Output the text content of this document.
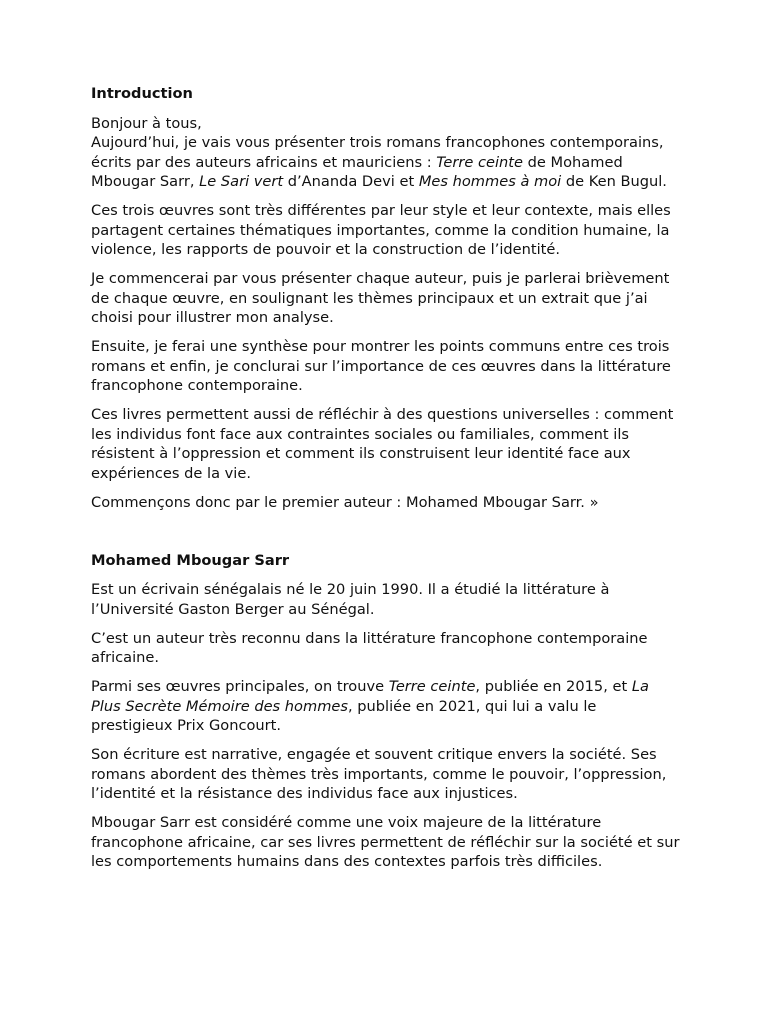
Introduction

Bonjour à tous,
Aujourd’hui, je vais vous présenter trois romans francophones contemporains, écrits par des auteurs africains et mauriciens : Terre ceinte de Mohamed Mbougar Sarr, Le Sari vert d’Ananda Devi et Mes hommes à moi de Ken Bugul.

Ces trois œuvres sont très différentes par leur style et leur contexte, mais elles partagent certaines thématiques importantes, comme la condition humaine, la violence, les rapports de pouvoir et la construction de l’identité.

Je commencerai par vous présenter chaque auteur, puis je parlerai brièvement de chaque œuvre, en soulignant les thèmes principaux et un extrait que j’ai choisi pour illustrer mon analyse.

Ensuite, je ferai une synthèse pour montrer les points communs entre ces trois romans et enfin, je conclurai sur l’importance de ces œuvres dans la littérature francophone contemporaine.

Ces livres permettent aussi de réfléchir à des questions universelles : comment les individus font face aux contraintes sociales ou familiales, comment ils résistent à l’oppression et comment ils construisent leur identité face aux expériences de la vie.

Commençons donc par le premier auteur : Mohamed Mbougar Sarr. »

Mohamed Mbougar Sarr

Est un écrivain sénégalais né le 20 juin 1990. Il a étudié la littérature à l’Université Gaston Berger au Sénégal.

C’est un auteur très reconnu dans la littérature francophone contemporaine africaine.

Parmi ses œuvres principales, on trouve Terre ceinte, publiée en 2015, et La Plus Secrète Mémoire des hommes, publiée en 2021, qui lui a valu le prestigieux Prix Goncourt.

Son écriture est narrative, engagée et souvent critique envers la société. Ses romans abordent des thèmes très importants, comme le pouvoir, l’oppression, l’identité et la résistance des individus face aux injustices.

Mbougar Sarr est considéré comme une voix majeure de la littérature francophone africaine, car ses livres permettent de réfléchir sur la société et sur les comportements humains dans des contextes parfois très difficiles.
